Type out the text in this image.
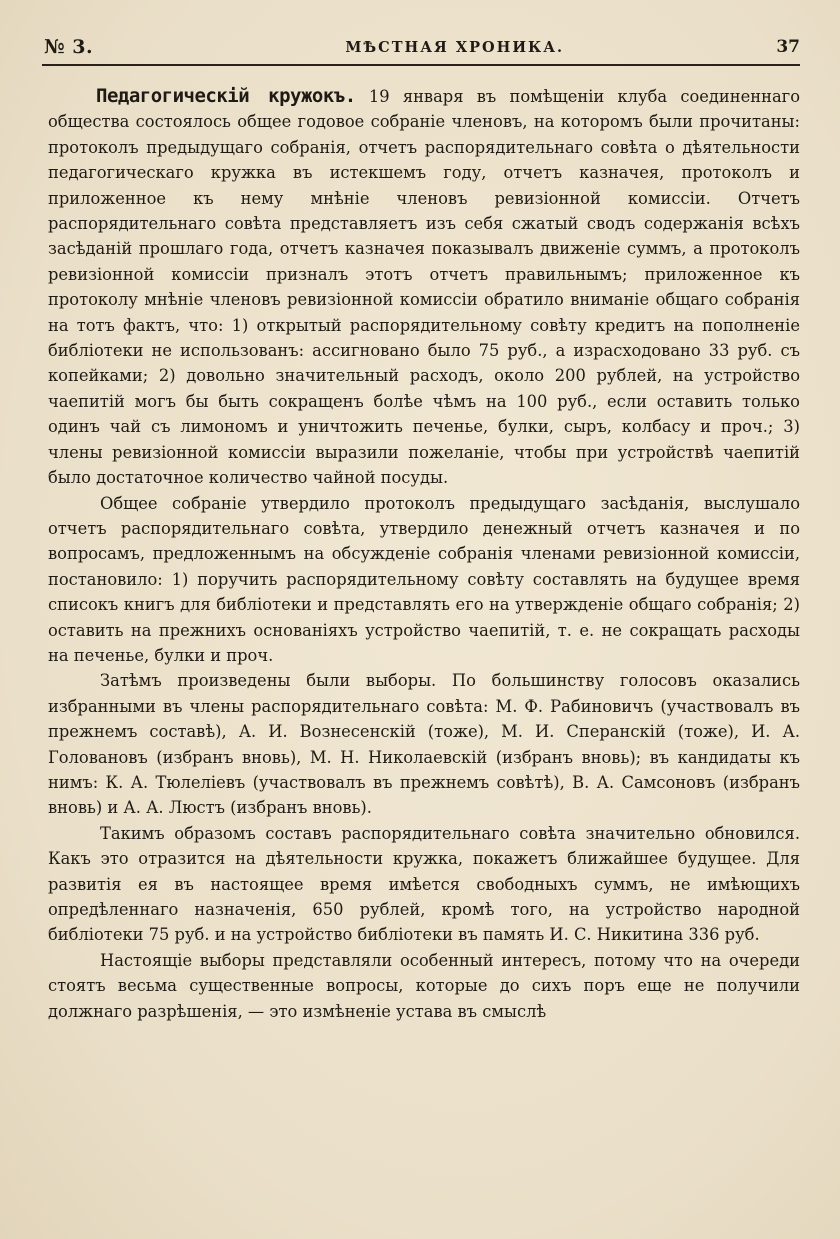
№ 3.	МѢСТНАЯ ХРОНИКА.	37

Педагогическій кружокъ. 19 января въ помѣщеніи клуба соединеннаго общества состоялось общее годовое собраніе членовъ, на которомъ были прочитаны: протоколъ предыдущаго собранія, отчетъ распорядительнаго совѣта о дѣятельности педагогическаго кружка въ истекшемъ году, отчетъ казначея, протоколъ и приложенное къ нему мнѣніе членовъ ревизіонной комиссіи. Отчетъ распорядительнаго совѣта представляетъ изъ себя сжатый сводъ содержанія всѣхъ засѣданій прошлаго года, отчетъ казначея показывалъ движеніе суммъ, а протоколъ ревизіонной комиссіи призналъ этотъ отчетъ правильнымъ; приложенное къ протоколу мнѣніе членовъ ревизіонной комиссіи обратило вниманіе общаго собранія на тотъ фактъ, что: 1) открытый распорядительному совѣту кредитъ на пополненіе библіотеки не использованъ: ассигновано было 75 руб., а израсходовано 33 руб. съ копейками; 2) довольно значительный расходъ, около 200 рублей, на устройство чаепитій могъ бы быть сокращенъ болѣе чѣмъ на 100 руб., если оставить только одинъ чай съ лимономъ и уничтожить печенье, булки, сыръ, колбасу и проч.; 3) члены ревизіонной комиссіи выразили пожеланіе, чтобы при устройствѣ чаепитій было достаточное количество чайной посуды.

Общее собраніе утвердило протоколъ предыдущаго засѣданія, выслушало отчетъ распорядительнаго совѣта, утвердило денежный отчетъ казначея и по вопросамъ, предложеннымъ на обсужденіе собранія членами ревизіонной комиссіи, постановило: 1) поручить распорядительному совѣту составлять на будущее время списокъ книгъ для библіотеки и представлять его на утвержденіе общаго собранія; 2) оставить на прежнихъ основаніяхъ устройство чаепитій, т. е. не сокращать расходы на печенье, булки и проч.

Затѣмъ произведены были выборы. По большинству голосовъ оказались избранными въ члены распорядительнаго совѣта: М. Ф. Рабиновичъ (участвовалъ въ прежнемъ составѣ), А. И. Вознесенскій (тоже), М. И. Сперанскій (тоже), И. А. Головановъ (избранъ вновь), М. Н. Николаевскій (избранъ вновь); въ кандидаты къ нимъ: К. А. Тюлеліевъ (участвовалъ въ прежнемъ совѣтѣ), В. А. Самсоновъ (избранъ вновь) и А. А. Люстъ (избранъ вновь).

Такимъ образомъ составъ распорядительнаго совѣта значительно обновился. Какъ это отразится на дѣятельности кружка, покажетъ ближайшее будущее. Для развитія ея въ настоящее время имѣется свободныхъ суммъ, не имѣющихъ опредѣленнаго назначенія, 650 рублей, кромѣ того, на устройство народной библіотеки 75 руб. и на устройство библіотеки въ память И. С. Никитина 336 руб.

Настоящіе выборы представляли особенный интересъ, потому что на очереди стоятъ весьма существенные вопросы, которые до сихъ поръ еще не получили должнаго разрѣшенія, — это измѣненіе устава въ смыслѣ
